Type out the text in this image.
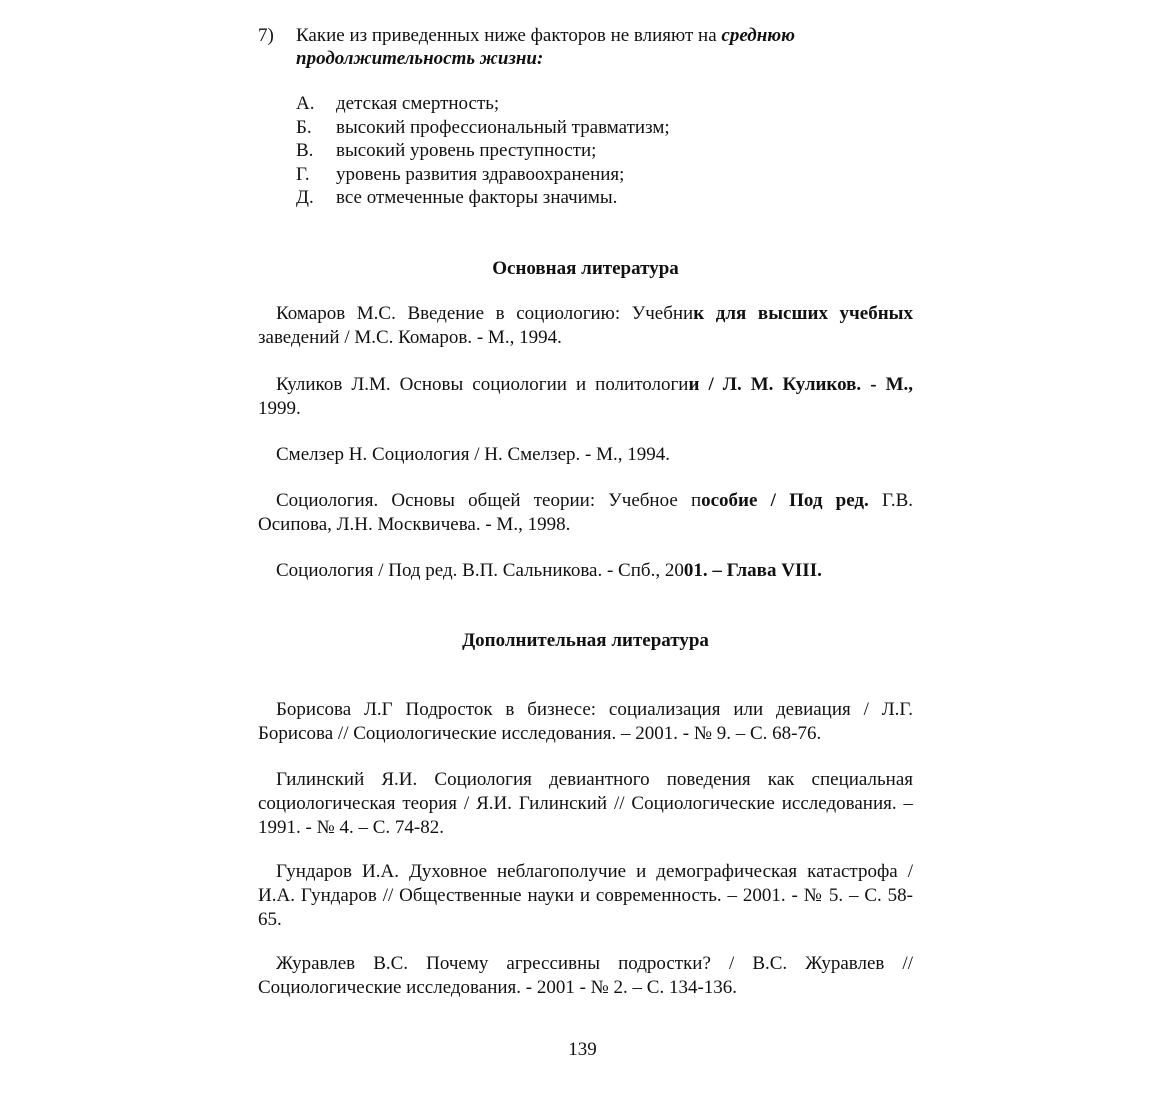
7) Какие из приведенных ниже факторов не влияют на среднюю продолжительность жизни:
А.	детская смертность;
Б.	высокий профессиональный травматизм;
В.	высокий уровень преступности;
Г.	уровень развития здравоохранения;
Д.	все отмеченные факторы значимы.
Основная литература
Комаров М.С. Введение в социологию: Учебник для высших учебных заведений / М.С. Комаров. - М., 1994.
Куликов Л.М. Основы социологии и политологии / Л. М. Куликов. - М., 1999.
Смелзер Н. Социология / Н. Смелзер. - М., 1994.
Социология. Основы общей теории: Учебное пособие / Под ред. Г.В. Осипова, Л.Н. Москвичева. - М., 1998.
Социология / Под ред. В.П. Сальникова. - Спб., 2001. – Глава VIII.
Дополнительная литература
Борисова Л.Г Подросток в бизнесе: социализация или девиация / Л.Г. Борисова // Социологические исследования. – 2001. - № 9. – С. 68-76.
Гилинский Я.И. Социология девиантного поведения как специальная социологическая теория / Я.И. Гилинский // Социологические исследования. – 1991. - № 4. – С. 74-82.
Гундаров И.А. Духовное неблагополучие и демографическая катастрофа / И.А. Гундаров // Общественные науки и современность. – 2001. - № 5. – С. 58-65.
Журавлев В.С. Почему агрессивны подростки? / В.С. Журавлев // Социологические исследования. - 2001 - № 2. – С. 134-136.
139
